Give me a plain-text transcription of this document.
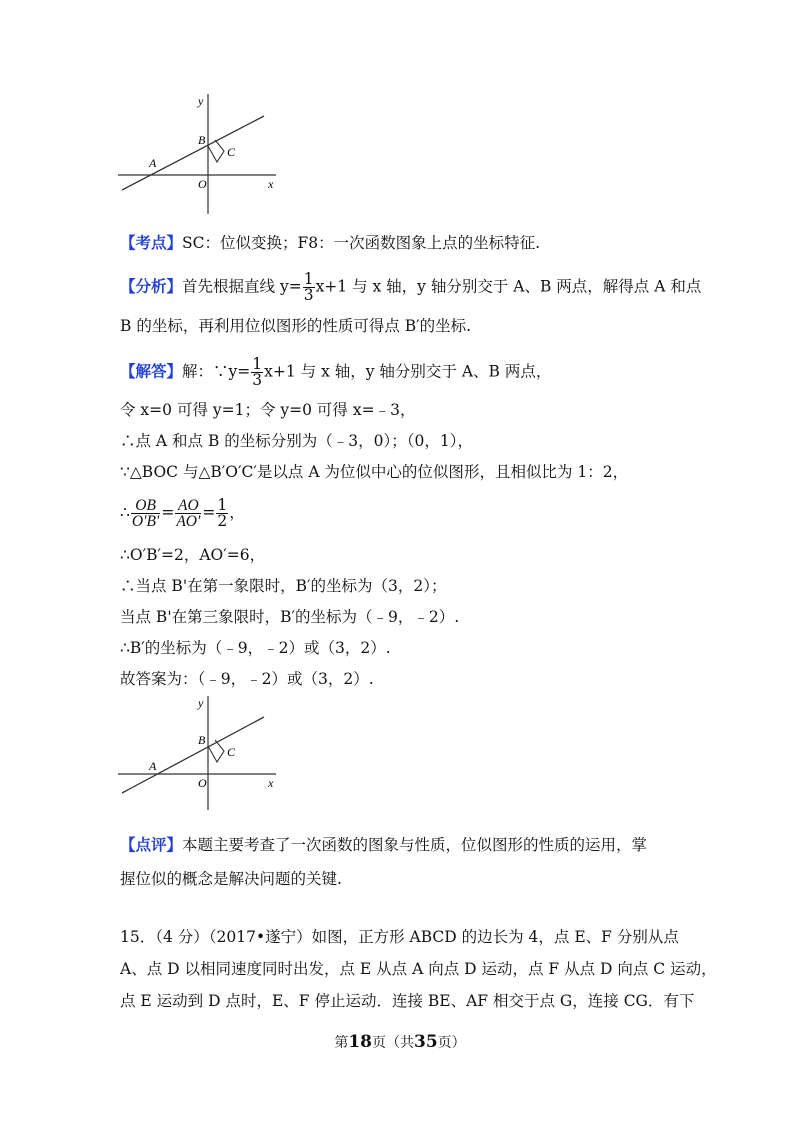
y
x
O
A
B
C
【考点】SC：位似变换；F8：一次函数图象上点的坐标特征.
【分析】首先根据直线 $y= \frac{1}{3} x+1$ 与 x 轴，y 轴分别交于 A、B 两点，解得点 A 和点
B 的坐标，再利用位似图形的性质可得点 B′的坐标.
【解答】解：∵y= $\frac{1}{3} x+1$ 与 x 轴，y 轴分别交于 A、B 两点，
令 x=0 可得 y=1；令 y=0 可得 x=﹣3，
∴点 A 和点 B 的坐标分别为（﹣3，0）；（0，1），
∵△BOC 与△B′O′C′是以点 A 为位似中心的位似图形，且相似比为 1：2，
∴ $\frac{OB}{O'B'} = \frac{AO}{AO'} = \frac{1}{2}$ ，
∴O′B′=2，AO′=6，
∴当点 B'在第一象限时，B′的坐标为（3，2）；
当点 B'在第三象限时，B′的坐标为（﹣9，﹣2）.
∴B′的坐标为（﹣9，﹣2）或（3，2）.
故答案为：（﹣9，﹣2）或（3，2）.
y
x
O
A
B
C
【点评】本题主要考查了一次函数的图象与性质，位似图形的性质的运用，掌
握位似的概念是解决问题的关键.
15．（4 分）（2017•遂宁）如图，正方形 ABCD 的边长为 4，点 E、F 分别从点
A、点 D 以相同速度同时出发，点 E 从点 A 向点 D 运动，点 F 从点 D 向点 C 运动，
点 E 运动到 D 点时，E、F 停止运动．连接 BE、AF 相交于点 G，连接 CG．有下
第18页（共35页）
